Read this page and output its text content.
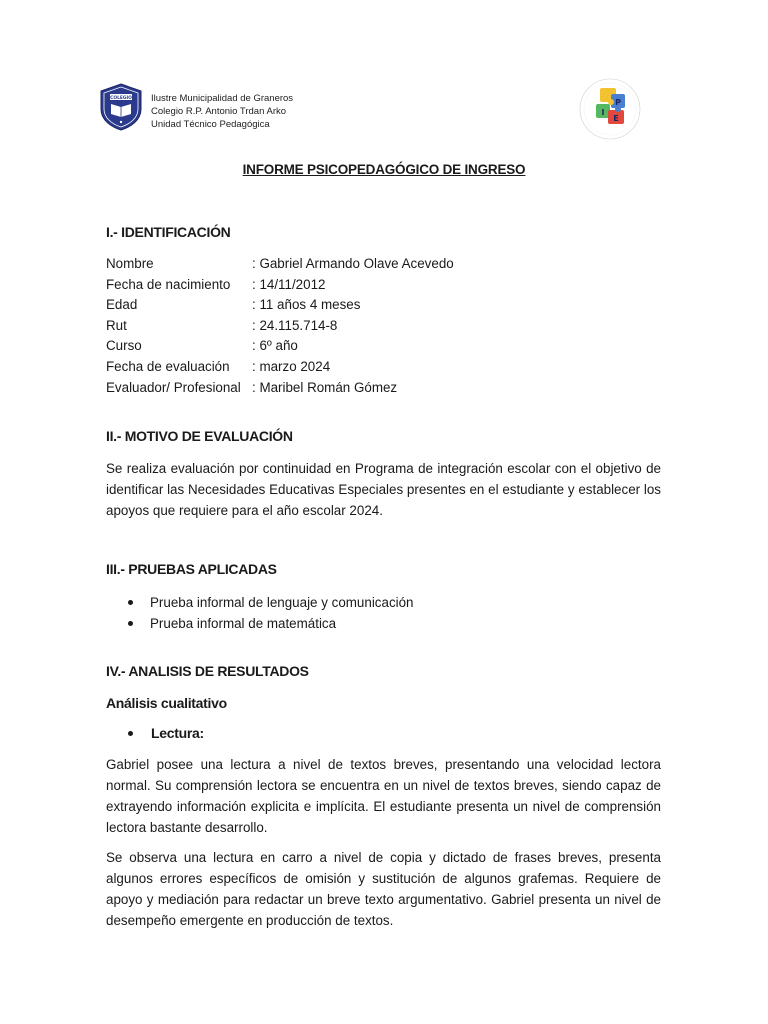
COLEGIO Ilustre Municipalidad de Graneros
Colegio R.P. Antonio Trdan Arko
Unidad Técnico Pedagógica
P
I
E
INFORME PSICOPEDAGÓGICO DE INGRESO
I.- IDENTIFICACIÓN
Nombre	: Gabriel Armando Olave Acevedo
Fecha de nacimiento	: 14/11/2012
Edad	: 11 años 4 meses
Rut	: 24.115.714-8
Curso	: 6º año
Fecha de evaluación	: marzo 2024
Evaluador/ Profesional : Maribel Román Gómez
II.- MOTIVO DE EVALUACIÓN
Se realiza evaluación por continuidad en Programa de integración escolar con el objetivo de identificar las Necesidades Educativas Especiales presentes en el estudiante y establecer los apoyos que requiere para el año escolar 2024.
III.- PRUEBAS APLICADAS
Prueba informal de lenguaje y comunicación
Prueba informal de matemática
IV.- ANALISIS DE RESULTADOS
Análisis cualitativo
Lectura:
Gabriel posee una lectura a nivel de textos breves, presentando una velocidad lectora normal. Su comprensión lectora se encuentra en un nivel de textos breves, siendo capaz de extrayendo información explicita e implícita. El estudiante presenta un nivel de comprensión lectora bastante desarrollo.
Se observa una lectura en carro a nivel de copia y dictado de frases breves, presenta algunos errores específicos de omisión y sustitución de algunos grafemas. Requiere de apoyo y mediación para redactar un breve texto argumentativo. Gabriel presenta un nivel de desempeño emergente en producción de textos.
